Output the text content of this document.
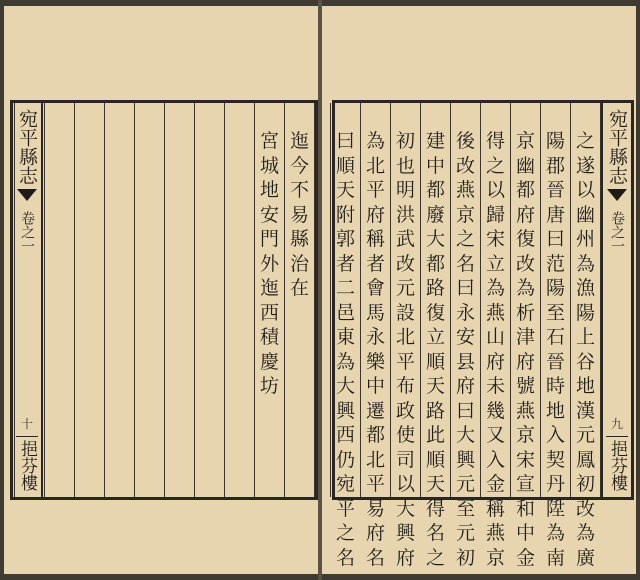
宛平縣志
卷之一
十
挹芬樓
迤
今
不
易
縣
治
在
宮
城
地
安
門
外
迤
西
積
慶
坊
之
遂
以
幽
州
為
漁
陽
上
谷
地
漢
元
鳳
初
改
為
廣
陽
郡
晉
唐
曰
范
陽
至
石
晉
時
地
入
契
丹
陞
為
南
京
幽
都
府
復
改
為
析
津
府
號
燕
京
宋
宣
和
中
金
得
之
以
歸
宋
立
為
燕
山
府
未
幾
又
入
金
稱
燕
京
後
改
燕
京
之
名
曰
永
安
县
府
曰
大
興
元
至
元
初
建
中
都
廢
大
都
路
復
立
順
天
路
此
順
天
得
名
之
初
也
明
洪
武
改
元
設
北
平
布
政
使
司
以
大
興
府
為
北
平
府
稱
者
會
馬
永
樂
中
遷
都
北
平
易
府
名
曰
順
天
附
郭
者
二
邑
東
為
大
興
西
仍
宛
平
之
名
宛平縣志
卷之一
九
挹芬樓
